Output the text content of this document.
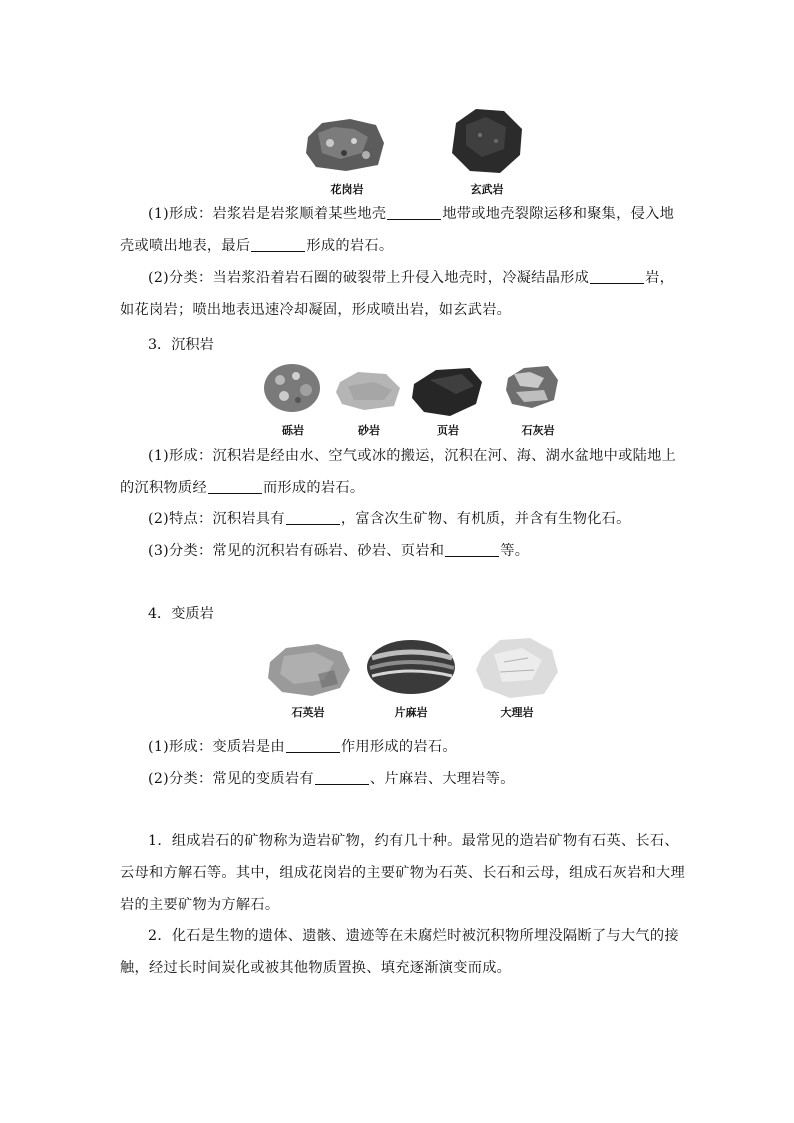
花岗岩	玄武岩
(1)形成：岩浆岩是岩浆顺着某些地壳	地带或地壳裂隙运移和聚集，侵入地壳或喷出地表，最后	形成的岩石。
(2)分类：当岩浆沿着岩石圈的破裂带上升侵入地壳时，冷凝结晶形成	岩，如花岗岩；喷出地表迅速冷却凝固，形成喷出岩，如玄武岩。
3．沉积岩
砾岩	砂岩	页岩	石灰岩
(1)形成：沉积岩是经由水、空气或冰的搬运，沉积在河、海、湖水盆地中或陆地上的沉积物质经	而形成的岩石。
(2)特点：沉积岩具有	，富含次生矿物、有机质，并含有生物化石。
(3)分类：常见的沉积岩有砾岩、砂岩、页岩和	等。
4．变质岩
石英岩	片麻岩	大理岩
(1)形成：变质岩是由	作用形成的岩石。
(2)分类：常见的变质岩有	、片麻岩、大理岩等。
1．组成岩石的矿物称为造岩矿物，约有几十种。最常见的造岩矿物有石英、长石、云母和方解石等。其中，组成花岗岩的主要矿物为石英、长石和云母，组成石灰岩和大理岩的主要矿物为方解石。
2．化石是生物的遗体、遗骸、遗迹等在未腐烂时被沉积物所埋没隔断了与大气的接触，经过长时间炭化或被其他物质置换、填充逐渐演变而成。
